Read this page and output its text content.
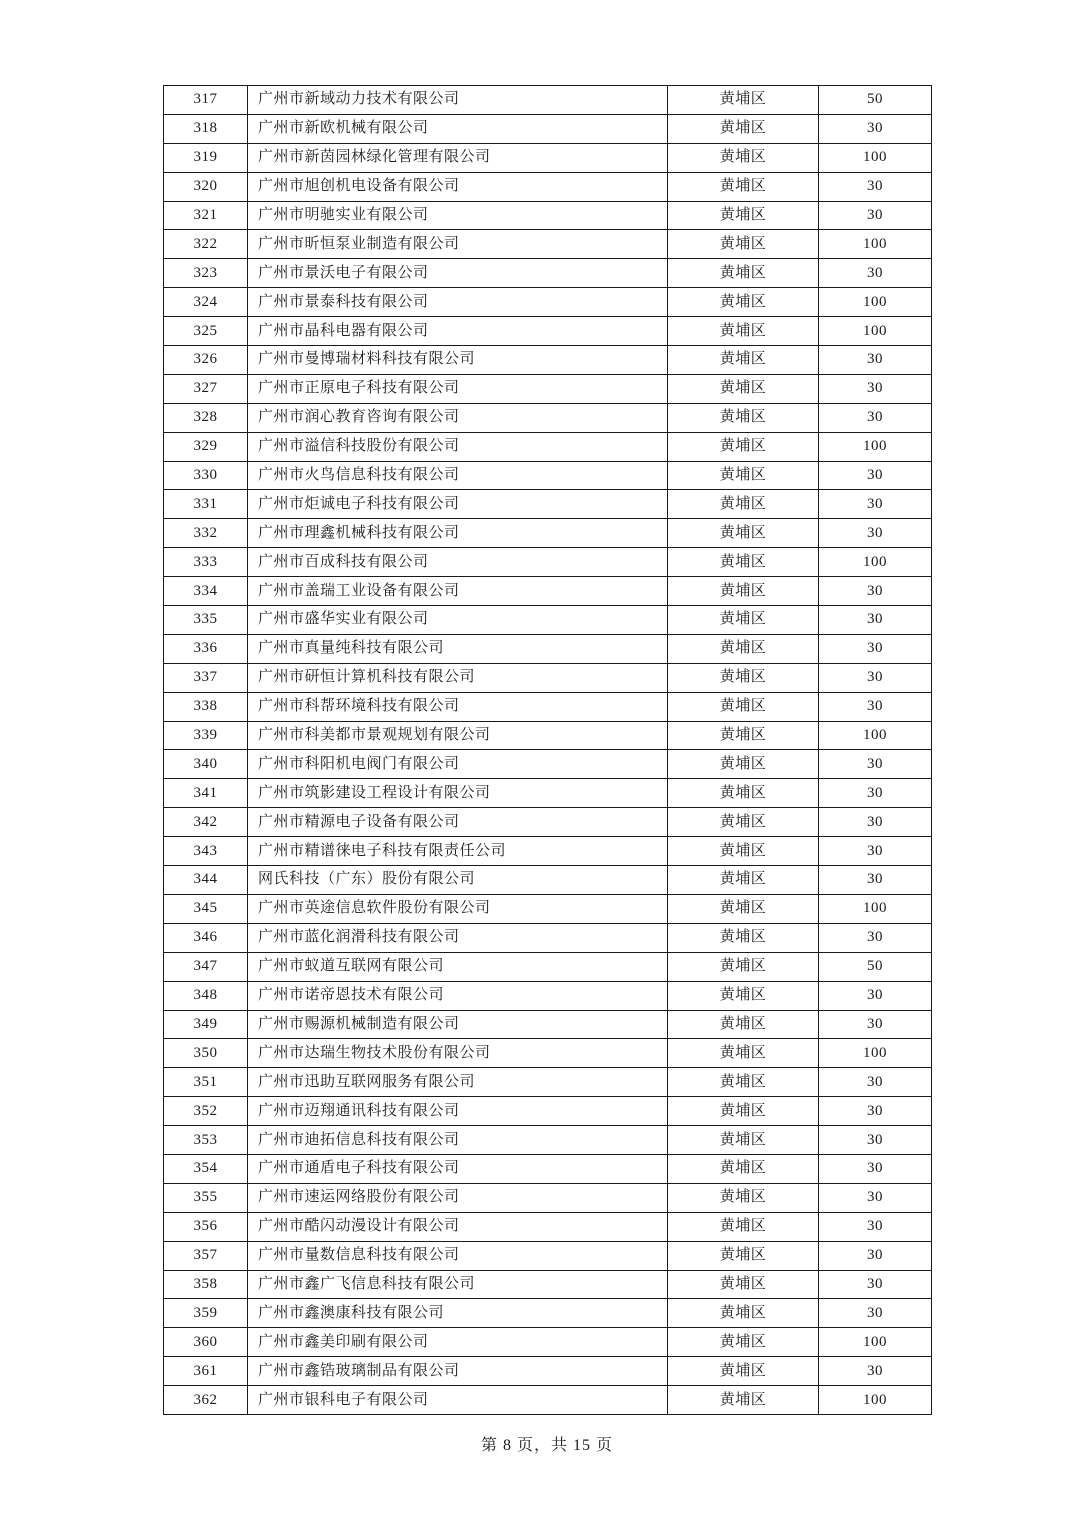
317	广州市新域动力技术有限公司	黄埔区	50
318	广州市新欧机械有限公司	黄埔区	30
319	广州市新茵园林绿化管理有限公司	黄埔区	100
320	广州市旭创机电设备有限公司	黄埔区	30
321	广州市明驰实业有限公司	黄埔区	30
322	广州市昕恒泵业制造有限公司	黄埔区	100
323	广州市景沃电子有限公司	黄埔区	30
324	广州市景泰科技有限公司	黄埔区	100
325	广州市晶科电器有限公司	黄埔区	100
326	广州市曼博瑞材料科技有限公司	黄埔区	30
327	广州市正原电子科技有限公司	黄埔区	30
328	广州市润心教育咨询有限公司	黄埔区	30
329	广州市溢信科技股份有限公司	黄埔区	100
330	广州市火鸟信息科技有限公司	黄埔区	30
331	广州市炬诚电子科技有限公司	黄埔区	30
332	广州市理鑫机械科技有限公司	黄埔区	30
333	广州市百成科技有限公司	黄埔区	100
334	广州市盖瑞工业设备有限公司	黄埔区	30
335	广州市盛华实业有限公司	黄埔区	30
336	广州市真量纯科技有限公司	黄埔区	30
337	广州市研恒计算机科技有限公司	黄埔区	30
338	广州市科帮环境科技有限公司	黄埔区	30
339	广州市科美都市景观规划有限公司	黄埔区	100
340	广州市科阳机电阀门有限公司	黄埔区	30
341	广州市筑影建设工程设计有限公司	黄埔区	30
342	广州市精源电子设备有限公司	黄埔区	30
343	广州市精谱徕电子科技有限责任公司	黄埔区	30
344	网氏科技（广东）股份有限公司	黄埔区	30
345	广州市英途信息软件股份有限公司	黄埔区	100
346	广州市蓝化润滑科技有限公司	黄埔区	30
347	广州市蚁道互联网有限公司	黄埔区	50
348	广州市诺帝恩技术有限公司	黄埔区	30
349	广州市赐源机械制造有限公司	黄埔区	30
350	广州市达瑞生物技术股份有限公司	黄埔区	100
351	广州市迅助互联网服务有限公司	黄埔区	30
352	广州市迈翔通讯科技有限公司	黄埔区	30
353	广州市迪拓信息科技有限公司	黄埔区	30
354	广州市通盾电子科技有限公司	黄埔区	30
355	广州市速运网络股份有限公司	黄埔区	30
356	广州市酷闪动漫设计有限公司	黄埔区	30
357	广州市量数信息科技有限公司	黄埔区	30
358	广州市鑫广飞信息科技有限公司	黄埔区	30
359	广州市鑫澳康科技有限公司	黄埔区	30
360	广州市鑫美印刷有限公司	黄埔区	100
361	广州市鑫锆玻璃制品有限公司	黄埔区	30
362	广州市银科电子有限公司	黄埔区	100
第 8 页，共 15 页
